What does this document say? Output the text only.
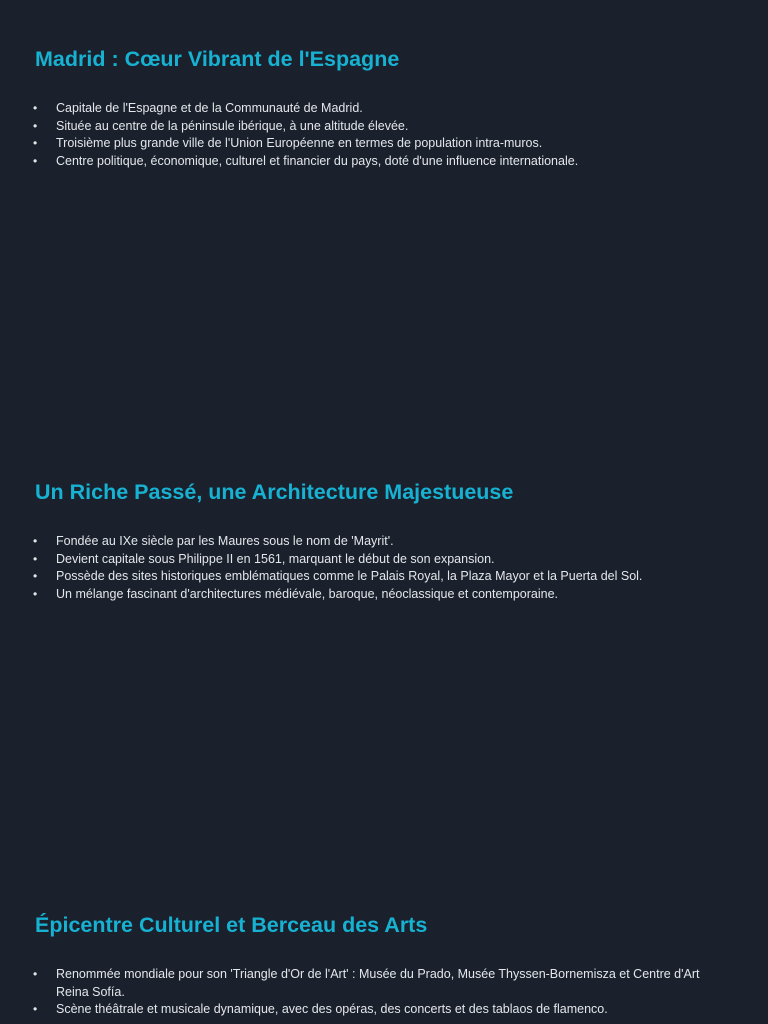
Madrid : Cœur Vibrant de l'Espagne
• Capitale de l'Espagne et de la Communauté de Madrid.
• Située au centre de la péninsule ibérique, à une altitude élevée.
• Troisième plus grande ville de l'Union Européenne en termes de population intra-muros.
• Centre politique, économique, culturel et financier du pays, doté d'une influence internationale.
Un Riche Passé, une Architecture Majestueuse
• Fondée au IXe siècle par les Maures sous le nom de 'Mayrit'.
• Devient capitale sous Philippe II en 1561, marquant le début de son expansion.
• Possède des sites historiques emblématiques comme le Palais Royal, la Plaza Mayor et la Puerta del Sol.
• Un mélange fascinant d'architectures médiévale, baroque, néoclassique et contemporaine.
Épicentre Culturel et Berceau des Arts
• Renommée mondiale pour son 'Triangle d'Or de l'Art' : Musée du Prado, Musée Thyssen-Bornemisza et Centre d'Art Reina Sofía.
• Scène théâtrale et musicale dynamique, avec des opéras, des concerts et des tablaos de flamenco.
